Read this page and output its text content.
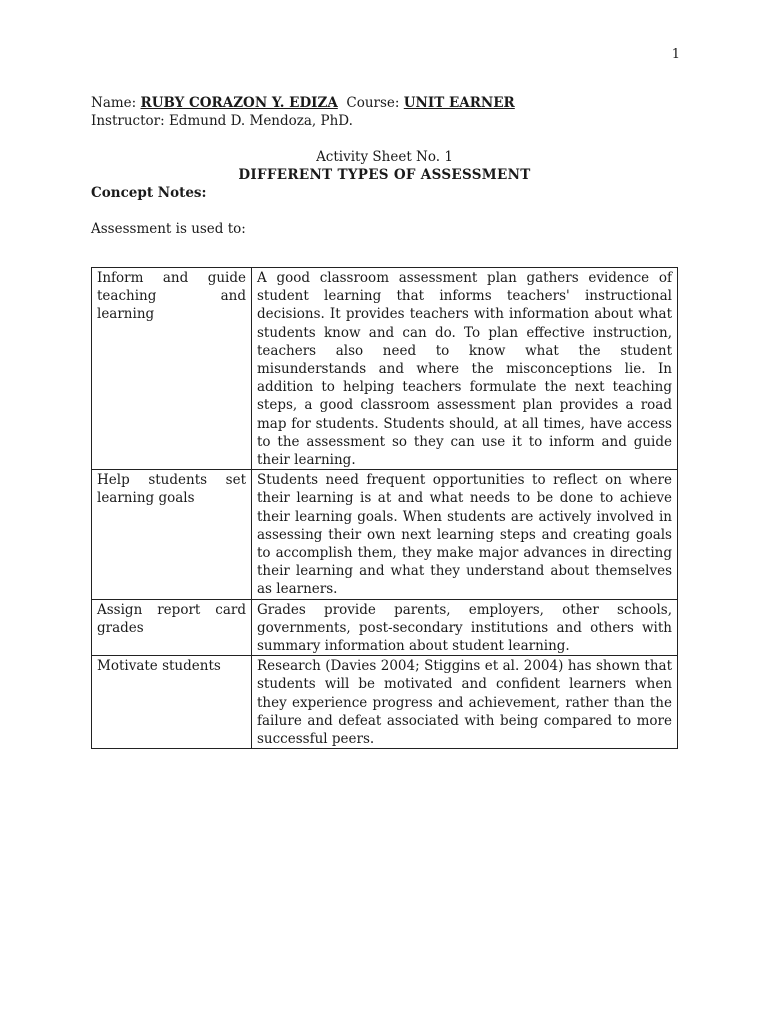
1
Name: RUBY CORAZON Y. EDIZA Course: UNIT EARNER
Instructor: Edmund D. Mendoza, PhD.
Activity Sheet No. 1
DIFFERENT TYPES OF ASSESSMENT
Concept Notes:
Assessment is used to:
Inform and guide teaching and learning	A good classroom assessment plan gathers evidence of student learning that informs teachers' instructional decisions. It provides teachers with information about what students know and can do. To plan effective instruction, teachers also need to know what the student misunderstands and where the misconceptions lie. In addition to helping teachers formulate the next teaching steps, a good classroom assessment plan provides a road map for students. Students should, at all times, have access to the assessment so they can use it to inform and guide their learning.
Help students set learning goals	Students need frequent opportunities to reflect on where their learning is at and what needs to be done to achieve their learning goals. When students are actively involved in assessing their own next learning steps and creating goals to accomplish them, they make major advances in directing their learning and what they understand about themselves as learners.
Assign report card grades	Grades provide parents, employers, other schools, governments, post-secondary institutions and others with summary information about student learning.
Motivate students	Research (Davies 2004; Stiggins et al. 2004) has shown that students will be motivated and confident learners when they experience progress and achievement, rather than the failure and defeat associated with being compared to more successful peers.
